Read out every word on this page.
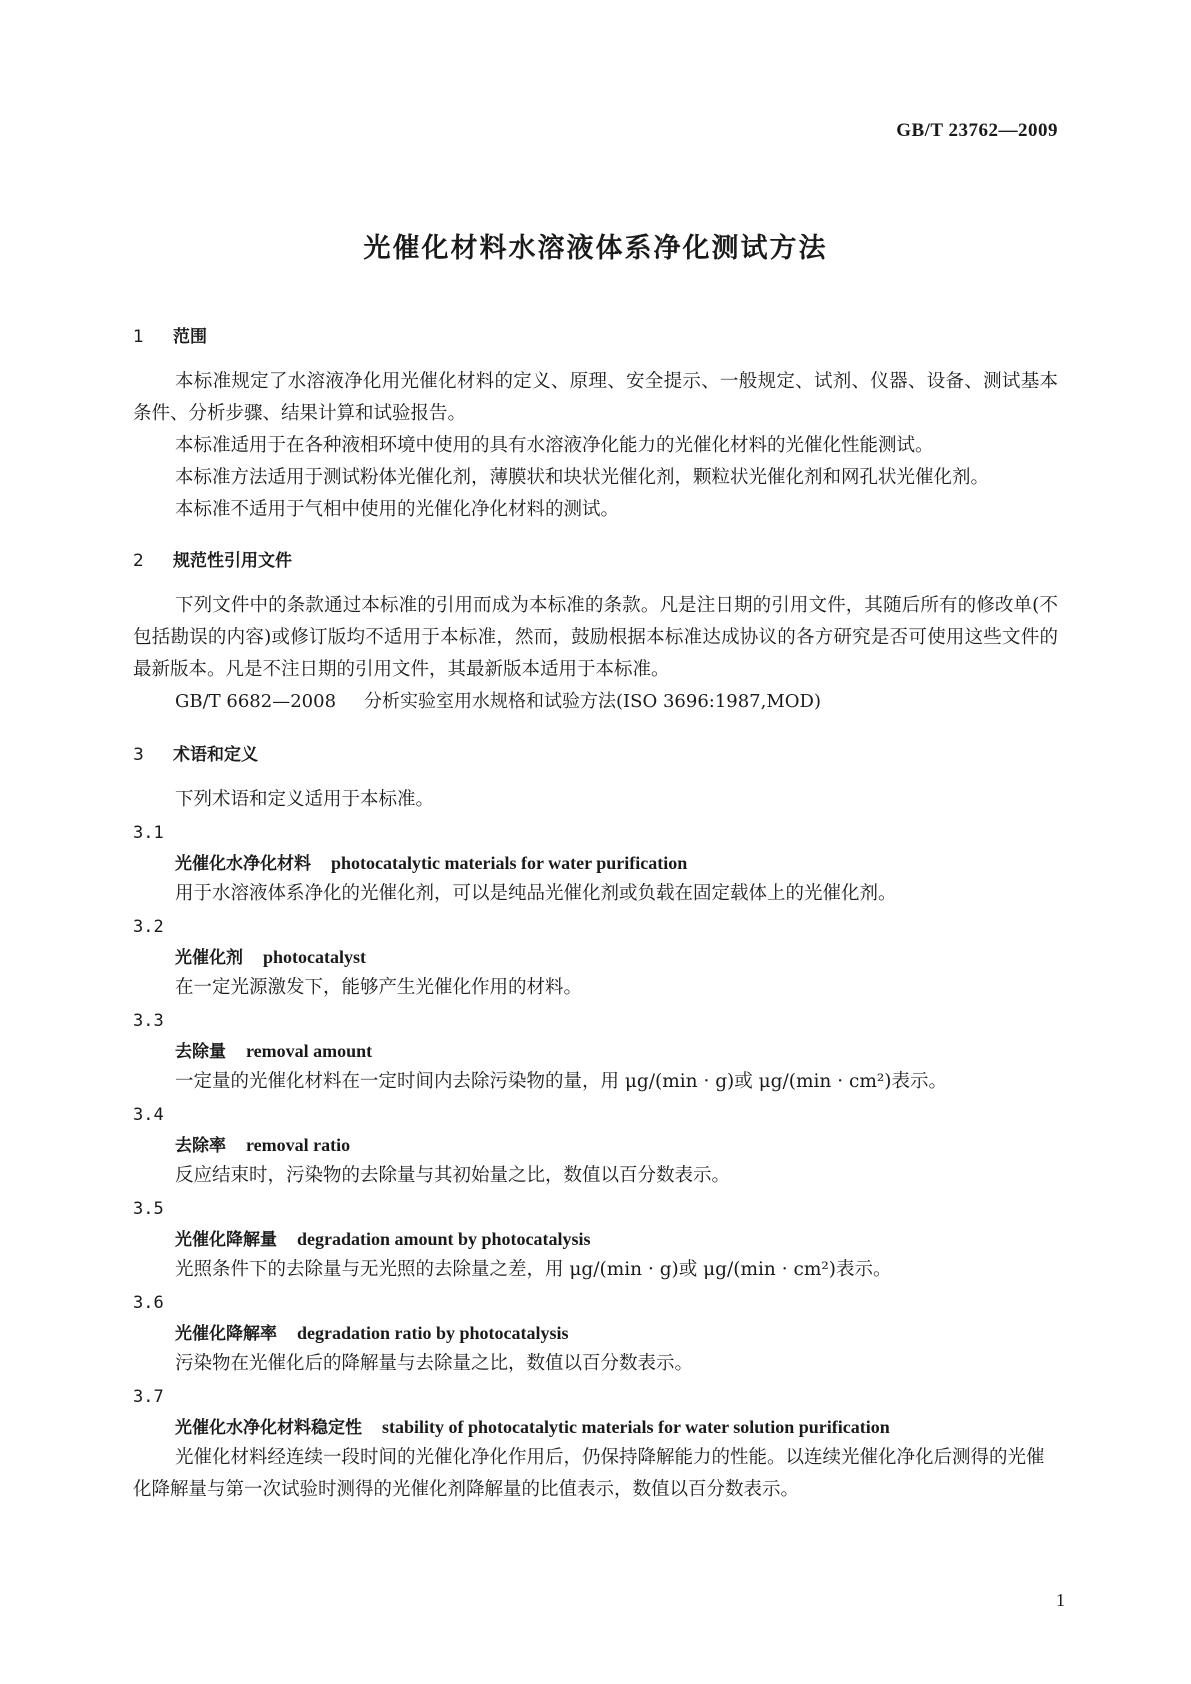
GB/T 23762—2009
光催化材料水溶液体系净化测试方法
1 范围

本标准规定了水溶液净化用光催化材料的定义、原理、安全提示、一般规定、试剂、仪器、设备、测试基本条件、分析步骤、结果计算和试验报告。

本标准适用于在各种液相环境中使用的具有水溶液净化能力的光催化材料的光催化性能测试。

本标准方法适用于测试粉体光催化剂，薄膜状和块状光催化剂，颗粒状光催化剂和网孔状光催化剂。

本标准不适用于气相中使用的光催化净化材料的测试。

2 规范性引用文件

下列文件中的条款通过本标准的引用而成为本标准的条款。凡是注日期的引用文件，其随后所有的修改单(不包括勘误的内容)或修订版均不适用于本标准，然而，鼓励根据本标准达成协议的各方研究是否可使用这些文件的最新版本。凡是不注日期的引用文件，其最新版本适用于本标准。

GB/T 6682—2008 分析实验室用水规格和试验方法(ISO 3696:1987,MOD)
3 术语和定义

下列术语和定义适用于本标准。

3.1
光催化水净化材料 photocatalytic materials for water purification

用于水溶液体系净化的光催化剂，可以是纯品光催化剂或负载在固定载体上的光催化剂。

3.2
光催化剂 photocatalyst

在一定光源激发下，能够产生光催化作用的材料。

3.3
去除量 removal amount

一定量的光催化材料在一定时间内去除污染物的量，用 μg/(min · g)或 μg/(min · cm²)表示。

3.4
去除率 removal ratio

反应结束时，污染物的去除量与其初始量之比，数值以百分数表示。

3.5
光催化降解量 degradation amount by photocatalysis

光照条件下的去除量与无光照的去除量之差，用 μg/(min · g)或 μg/(min · cm²)表示。

3.6
光催化降解率 degradation ratio by photocatalysis

污染物在光催化后的降解量与去除量之比，数值以百分数表示。

3.7
光催化水净化材料稳定性 stability of photocatalytic materials for water solution purification

光催化材料经连续一段时间的光催化净化作用后，仍保持降解能力的性能。以连续光催化净化后测得的光催化降解量与第一次试验时测得的光催化剂降解量的比值表示，数值以百分数表示。

1
